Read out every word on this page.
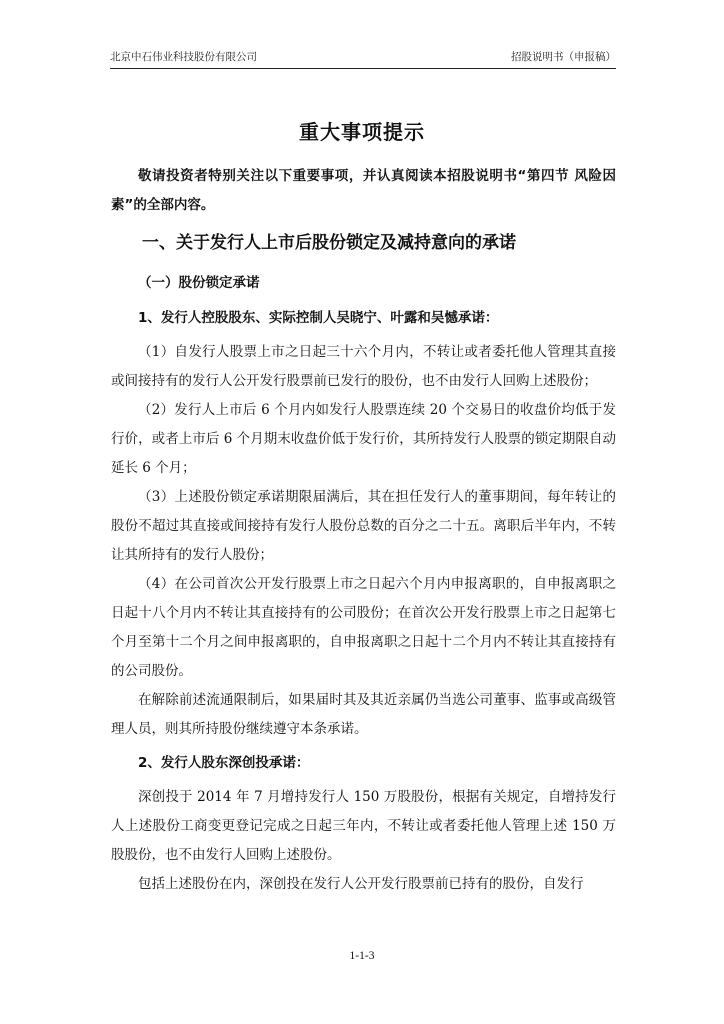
北京中石伟业科技股份有限公司	招股说明书（申报稿）
重大事项提示

敬请投资者特别关注以下重要事项，并认真阅读本招股说明书“第四节 风险因素”的全部内容。

一、关于发行人上市后股份锁定及减持意向的承诺
（一）股份锁定承诺
1、发行人控股股东、实际控制人吴晓宁、叶露和吴憾承诺：

（1）自发行人股票上市之日起三十六个月内，不转让或者委托他人管理其直接或间接持有的发行人公开发行股票前已发行的股份，也不由发行人回购上述股份；

（2）发行人上市后 6 个月内如发行人股票连续 20 个交易日的收盘价均低于发行价，或者上市后 6 个月期末收盘价低于发行价，其所持发行人股票的锁定期限自动延长 6 个月；

（3）上述股份锁定承诺期限届满后，其在担任发行人的董事期间，每年转让的股份不超过其直接或间接持有发行人股份总数的百分之二十五。离职后半年内，不转让其所持有的发行人股份；

（4）在公司首次公开发行股票上市之日起六个月内申报离职的，自申报离职之日起十八个月内不转让其直接持有的公司股份；在首次公开发行股票上市之日起第七个月至第十二个月之间申报离职的，自申报离职之日起十二个月内不转让其直接持有的公司股份。

在解除前述流通限制后，如果届时其及其近亲属仍当选公司董事、监事或高级管理人员，则其所持股份继续遵守本条承诺。

2、发行人股东深创投承诺：

深创投于 2014 年 7 月增持发行人 150 万股股份，根据有关规定，自增持发行人上述股份工商变更登记完成之日起三年内，不转让或者委托他人管理上述 150 万股股份，也不由发行人回购上述股份。

包括上述股份在内，深创投在发行人公开发行股票前已持有的股份，自发行

1-1-3
